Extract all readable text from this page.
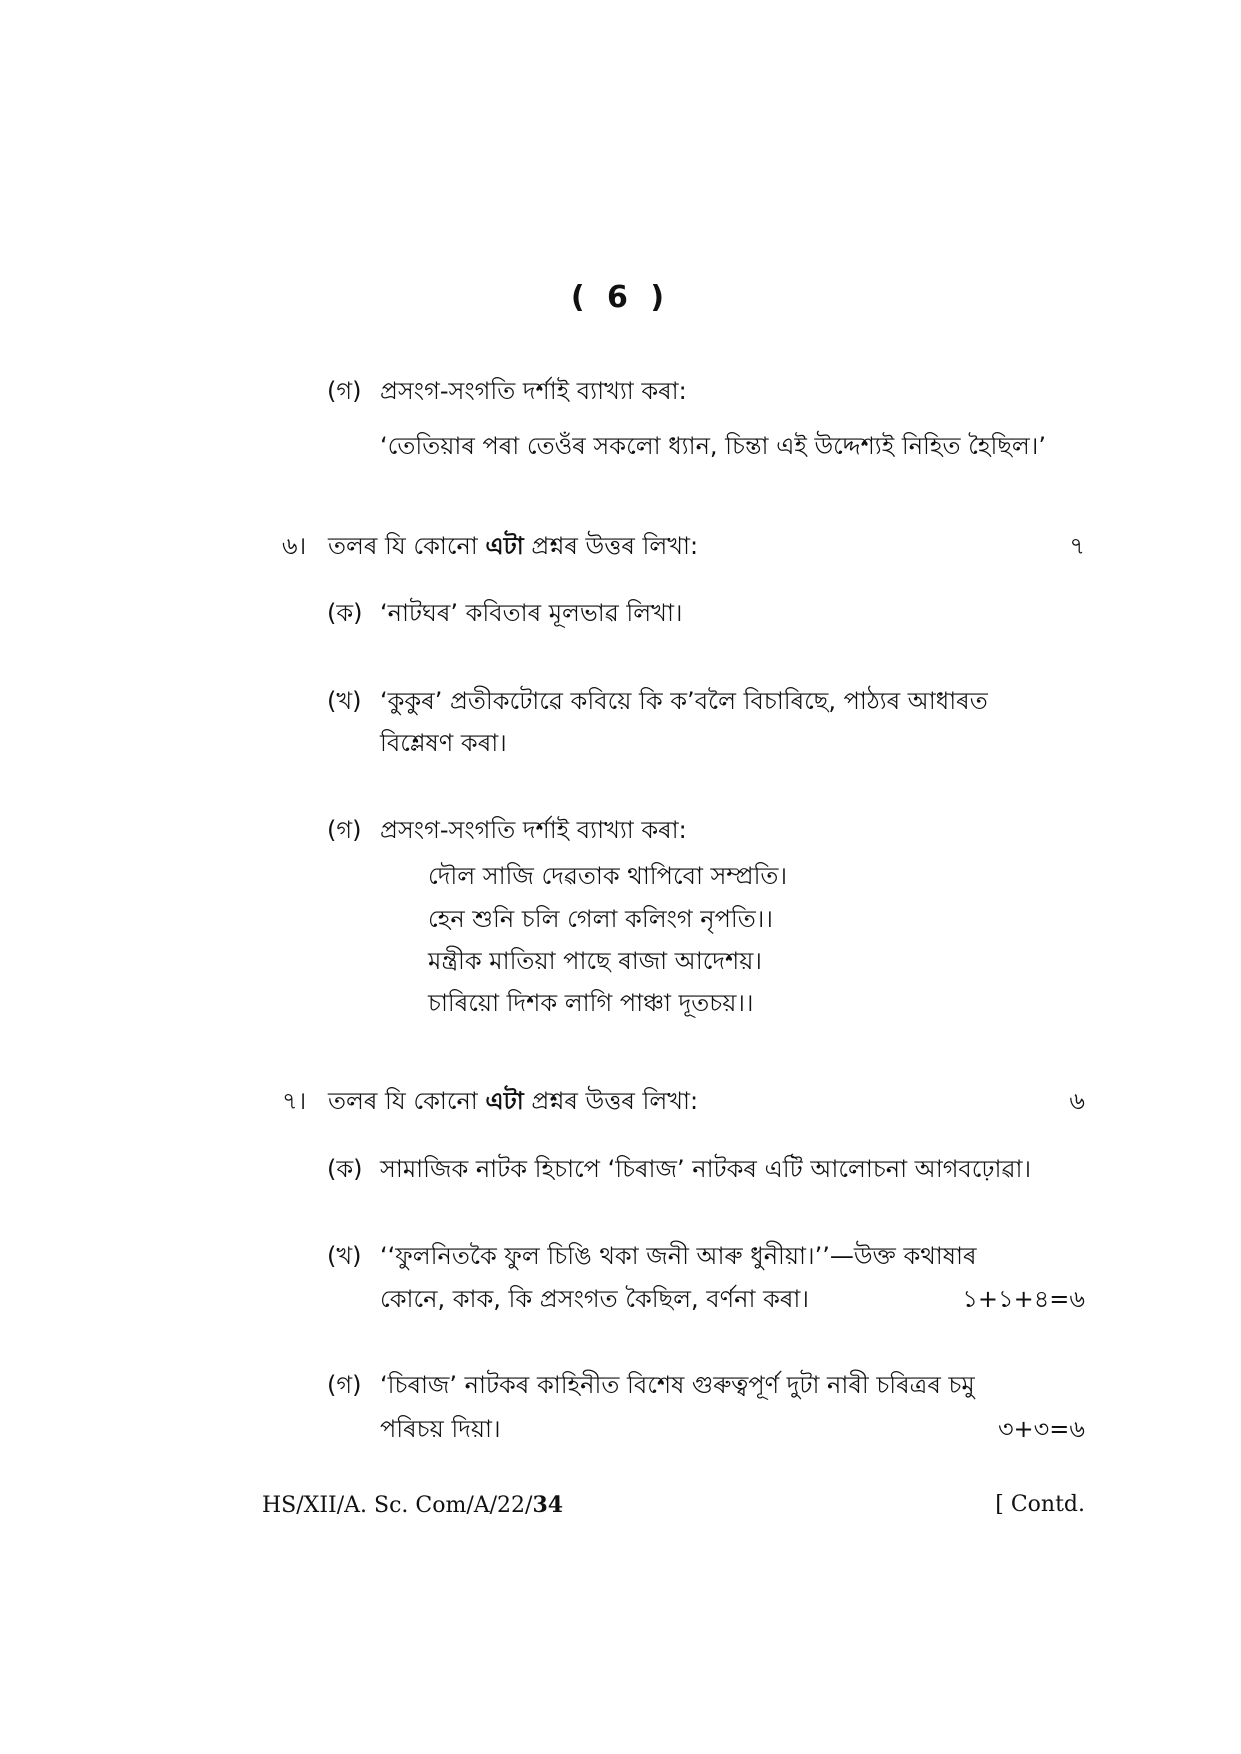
( 6 )
(গ) প্ৰসংগ-সংগতি দৰ্শাই ব্যাখ্যা কৰা:
‘তেতিয়াৰ পৰা তেওঁৰ সকলো ধ্যান, চিন্তা এই উদ্দেশ্যই নিহিত হৈছিল।’
৬। তলৰ যি কোনো এটা প্ৰশ্নৰ উত্তৰ লিখা:	৭
(ক) ‘নাটঘৰ’ কবিতাৰ মূলভাৱ লিখা।
(খ) ‘কুকুৰ’ প্ৰতীকটোৱে কবিয়ে কি ক’বলৈ বিচাৰিছে, পাঠ্যৰ আধাৰত
বিশ্লেষণ কৰা।
(গ) প্ৰসংগ-সংগতি দৰ্শাই ব্যাখ্যা কৰা:
দৌল সাজি দেৱতাক থাপিবো সম্প্ৰতি।
হেন শুনি চলি গেলা কলিংগ নৃপতি।।
মন্ত্ৰীক মাতিয়া পাছে ৰাজা আদেশয়।
চাৰিয়ো দিশক লাগি পাঞ্চা দূতচয়।।
৭। তলৰ যি কোনো এটা প্ৰশ্নৰ উত্তৰ লিখা:	৬
(ক) সামাজিক নাটক হিচাপে ‘চিৰাজ’ নাটকৰ এটি আলোচনা আগবঢ়োৱা।
(খ) ‘‘ফুলনিতকৈ ফুল চিঙি থকা জনী আৰু ধুনীয়া।’’—উক্ত কথাষাৰ
কোনে, কাক, কি প্ৰসংগত কৈছিল, বৰ্ণনা কৰা।	১+১+৪=৬
(গ) ‘চিৰাজ’ নাটকৰ কাহিনীত বিশেষ গুৰুত্বপূৰ্ণ দুটা নাৰী চৰিত্ৰৰ চমু
পৰিচয় দিয়া।	৩+৩=৬
HS/XII/A. Sc. Com/A/22/34	[ Contd.
